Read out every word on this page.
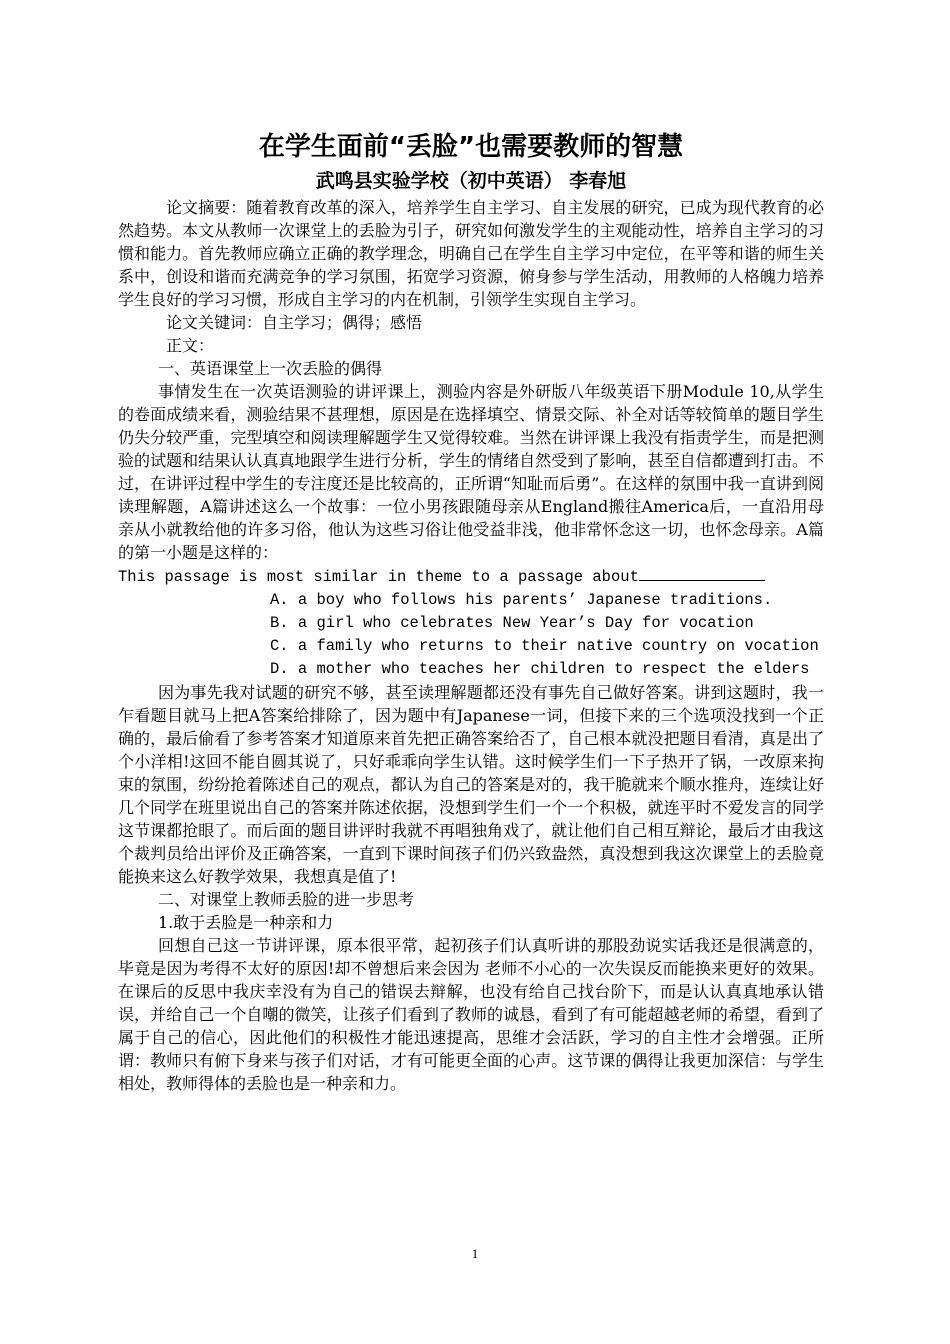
在学生面前“丢脸”也需要教师的智慧
武鸣县实验学校（初中英语） 李春旭

论文摘要：随着教育改革的深入，培养学生自主学习、自主发展的研究，已成为现代教育的必然趋势。本文从教师一次课堂上的丢脸为引子，研究如何激发学生的主观能动性，培养自主学习的习惯和能力。首先教师应确立正确的教学理念，明确自己在学生自主学习中定位，在平等和谐的师生关系中，创设和谐而充满竞争的学习氛围，拓宽学习资源，俯身参与学生活动，用教师的人格魄力培养学生良好的学习习惯，形成自主学习的内在机制，引领学生实现自主学习。

论文关键词：自主学习；偶得；感悟

正文：

一、英语课堂上一次丢脸的偶得

事情发生在一次英语测验的讲评课上，测验内容是外研版八年级英语下册Module 10,从学生的卷面成绩来看，测验结果不甚理想，原因是在选择填空、情景交际、补全对话等较简单的题目学生仍失分较严重，完型填空和阅读理解题学生又觉得较难。当然在讲评课上我没有指责学生，而是把测验的试题和结果认认真真地跟学生进行分析，学生的情绪自然受到了影响，甚至自信都遭到打击。不过，在讲评过程中学生的专注度还是比较高的，正所谓“知耻而后勇”。在这样的氛围中我一直讲到阅读理解题，A篇讲述这么一个故事：一位小男孩跟随母亲从England搬往America后，一直沿用母亲从小就教给他的许多习俗，他认为这些习俗让他受益非浅，他非常怀念这一切，也怀念母亲。A篇的第一小题是这样的：

This passage is most similar in theme to a passage about

A. a boy who follows his parents’ Japanese traditions.

B. a girl who celebrates New Year’s Day for vocation

C. a family who returns to their native country on vocation

D. a mother who teaches her children to respect the elders

因为事先我对试题的研究不够，甚至读理解题都还没有事先自己做好答案。讲到这题时，我一乍看题目就马上把A答案给排除了，因为题中有Japanese一词，但接下来的三个选项没找到一个正确的，最后偷看了参考答案才知道原来首先把正确答案给否了，自己根本就没把题目看清，真是出了个小洋相!这回不能自圆其说了，只好乖乖向学生认错。这时候学生们一下子热开了锅，一改原来拘束的氛围，纷纷抢着陈述自己的观点，都认为自己的答案是对的，我干脆就来个顺水推舟，连续让好几个同学在班里说出自己的答案并陈述依据，没想到学生们一个一个积极，就连平时不爱发言的同学这节课都抢眼了。而后面的题目讲评时我就不再唱独角戏了，就让他们自己相互辩论，最后才由我这个裁判员给出评价及正确答案，一直到下课时间孩子们仍兴致盎然，真没想到我这次课堂上的丢脸竟能换来这么好教学效果，我想真是值了!

二、对课堂上教师丢脸的进一步思考

1.敢于丢脸是一种亲和力

回想自己这一节讲评课，原本很平常，起初孩子们认真听讲的那股劲说实话我还是很满意的，毕竟是因为考得不太好的原因!却不曾想后来会因为 老师不小心的一次失误反而能换来更好的效果。在课后的反思中我庆幸没有为自己的错误去辩解，也没有给自己找台阶下，而是认认真真地承认错误，并给自己一个自嘲的微笑，让孩子们看到了教师的诚恳，看到了有可能超越老师的希望，看到了属于自己的信心，因此他们的积极性才能迅速提高，思维才会活跃，学习的自主性才会增强。正所谓：教师只有俯下身来与孩子们对话，才有可能更全面的心声。这节课的偶得让我更加深信：与学生相处，教师得体的丢脸也是一种亲和力。

1
